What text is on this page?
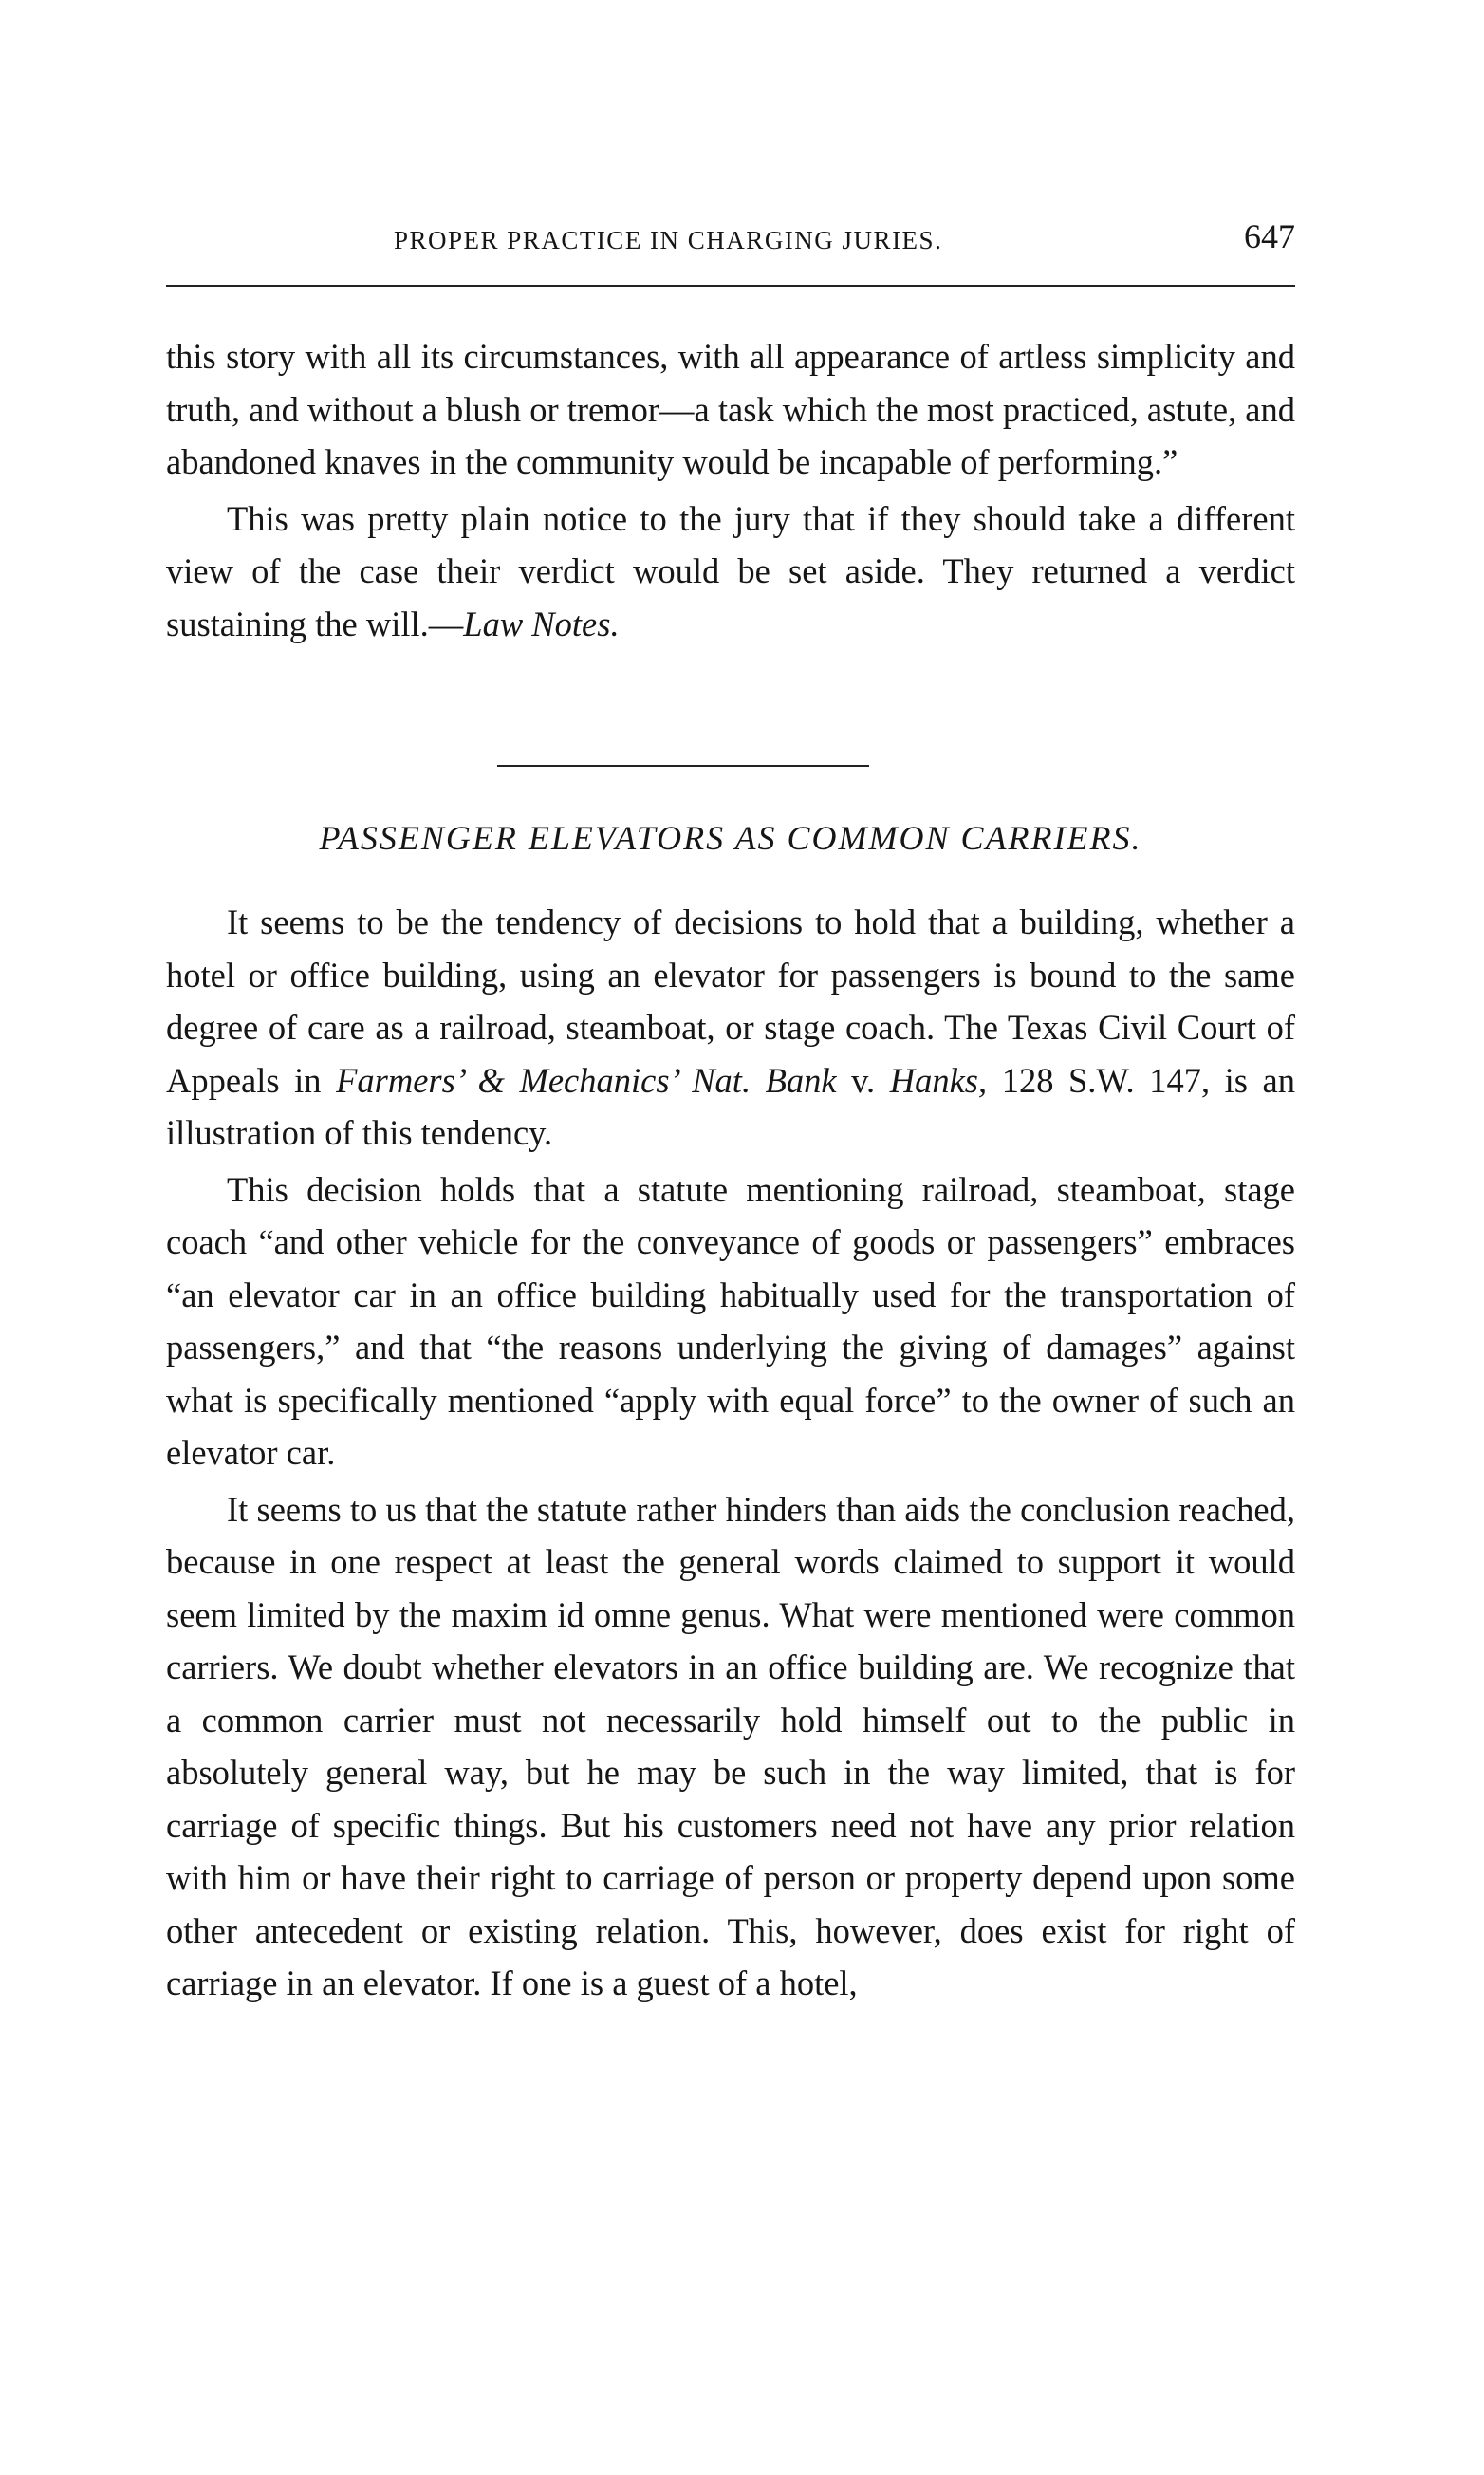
PROPER PRACTICE IN CHARGING JURIES.	647

this story with all its circumstances, with all appearance of artless simplicity and truth, and without a blush or tremor—a task which the most practiced, astute, and abandoned knaves in the community would be incapable of performing.”

This was pretty plain notice to the jury that if they should take a different view of the case their verdict would be set aside. They returned a verdict sustaining the will.—Law Notes.

PASSENGER ELEVATORS AS COMMON CARRIERS.

It seems to be the tendency of decisions to hold that a building, whether a hotel or office building, using an elevator for passengers is bound to the same degree of care as a railroad, steamboat, or stage coach. The Texas Civil Court of Appeals in Farmers’ & Mechanics’ Nat. Bank v. Hanks, 128 S.W. 147, is an illustration of this tendency.

This decision holds that a statute mentioning railroad, steamboat, stage coach “and other vehicle for the conveyance of goods or passengers” embraces “an elevator car in an office building habitually used for the transportation of passengers,” and that “the reasons underlying the giving of damages” against what is specifically mentioned “apply with equal force” to the owner of such an elevator car.

It seems to us that the statute rather hinders than aids the conclusion reached, because in one respect at least the general words claimed to support it would seem limited by the maxim id omne genus. What were mentioned were common carriers. We doubt whether elevators in an office building are. We recognize that a common carrier must not necessarily hold himself out to the public in absolutely general way, but he may be such in the way limited, that is for carriage of specific things. But his customers need not have any prior relation with him or have their right to carriage of person or property depend upon some other antecedent or existing relation. This, however, does exist for right of carriage in an elevator. If one is a guest of a hotel,
